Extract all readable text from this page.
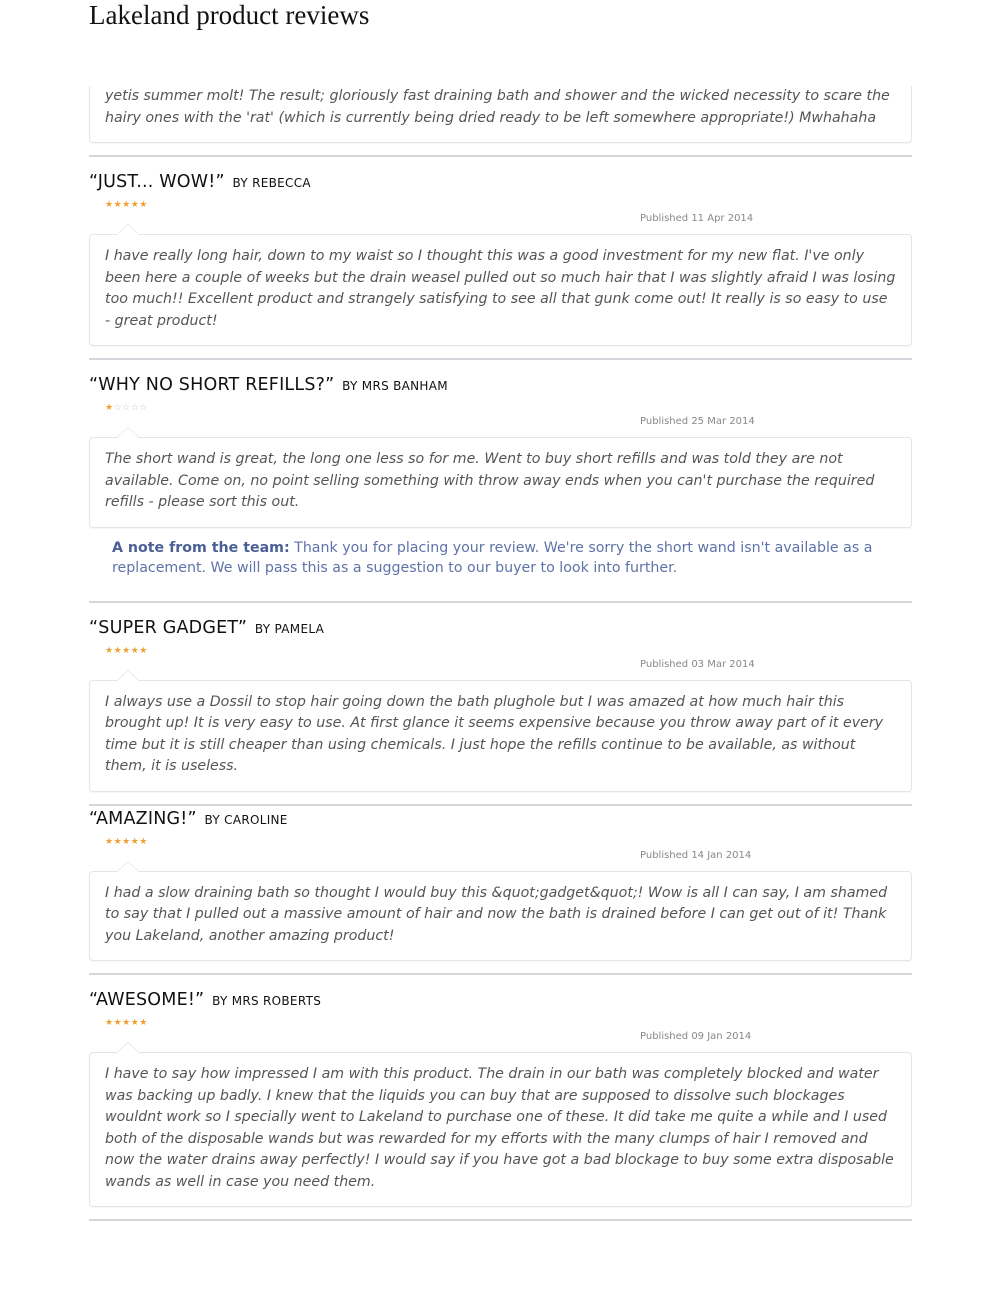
Lakeland product reviews
yetis summer molt! The result; gloriously fast draining bath and shower and the wicked necessity to scare the hairy ones with the 'rat' (which is currently being dried ready to be left somewhere appropriate!) Mwhahaha
“JUST... WOW!” BY REBECCA
★★★★★
Published 11 Apr 2014
I have really long hair, down to my waist so I thought this was a good investment for my new flat. I've only been here a couple of weeks but the drain weasel pulled out so much hair that I was slightly afraid I was losing too much!! Excellent product and strangely satisfying to see all that gunk come out! It really is so easy to use - great product!
“WHY NO SHORT REFILLS?” BY MRS BANHAM
★☆☆☆☆
Published 25 Mar 2014
The short wand is great, the long one less so for me. Went to buy short refills and was told they are not available. Come on, no point selling something with throw away ends when you can't purchase the required refills - please sort this out.
A note from the team: Thank you for placing your review. We're sorry the short wand isn't available as a replacement. We will pass this as a suggestion to our buyer to look into further.
“SUPER GADGET” BY PAMELA
★★★★★
Published 03 Mar 2014
I always use a Dossil to stop hair going down the bath plughole but I was amazed at how much hair this brought up! It is very easy to use. At first glance it seems expensive because you throw away part of it every time but it is still cheaper than using chemicals. I just hope the refills continue to be available, as without them, it is useless.
“AMAZING!” BY CAROLINE
★★★★★
Published 14 Jan 2014
I had a slow draining bath so thought I would buy this &quot;gadget&quot;! Wow is all I can say, I am shamed to say that I pulled out a massive amount of hair and now the bath is drained before I can get out of it! Thank you Lakeland, another amazing product!
“AWESOME!” BY MRS ROBERTS
★★★★★
Published 09 Jan 2014
I have to say how impressed I am with this product. The drain in our bath was completely blocked and water was backing up badly. I knew that the liquids you can buy that are supposed to dissolve such blockages wouldnt work so I specially went to Lakeland to purchase one of these. It did take me quite a while and I used both of the disposable wands but was rewarded for my efforts with the many clumps of hair I removed and now the water drains away perfectly! I would say if you have got a bad blockage to buy some extra disposable wands as well in case you need them.
